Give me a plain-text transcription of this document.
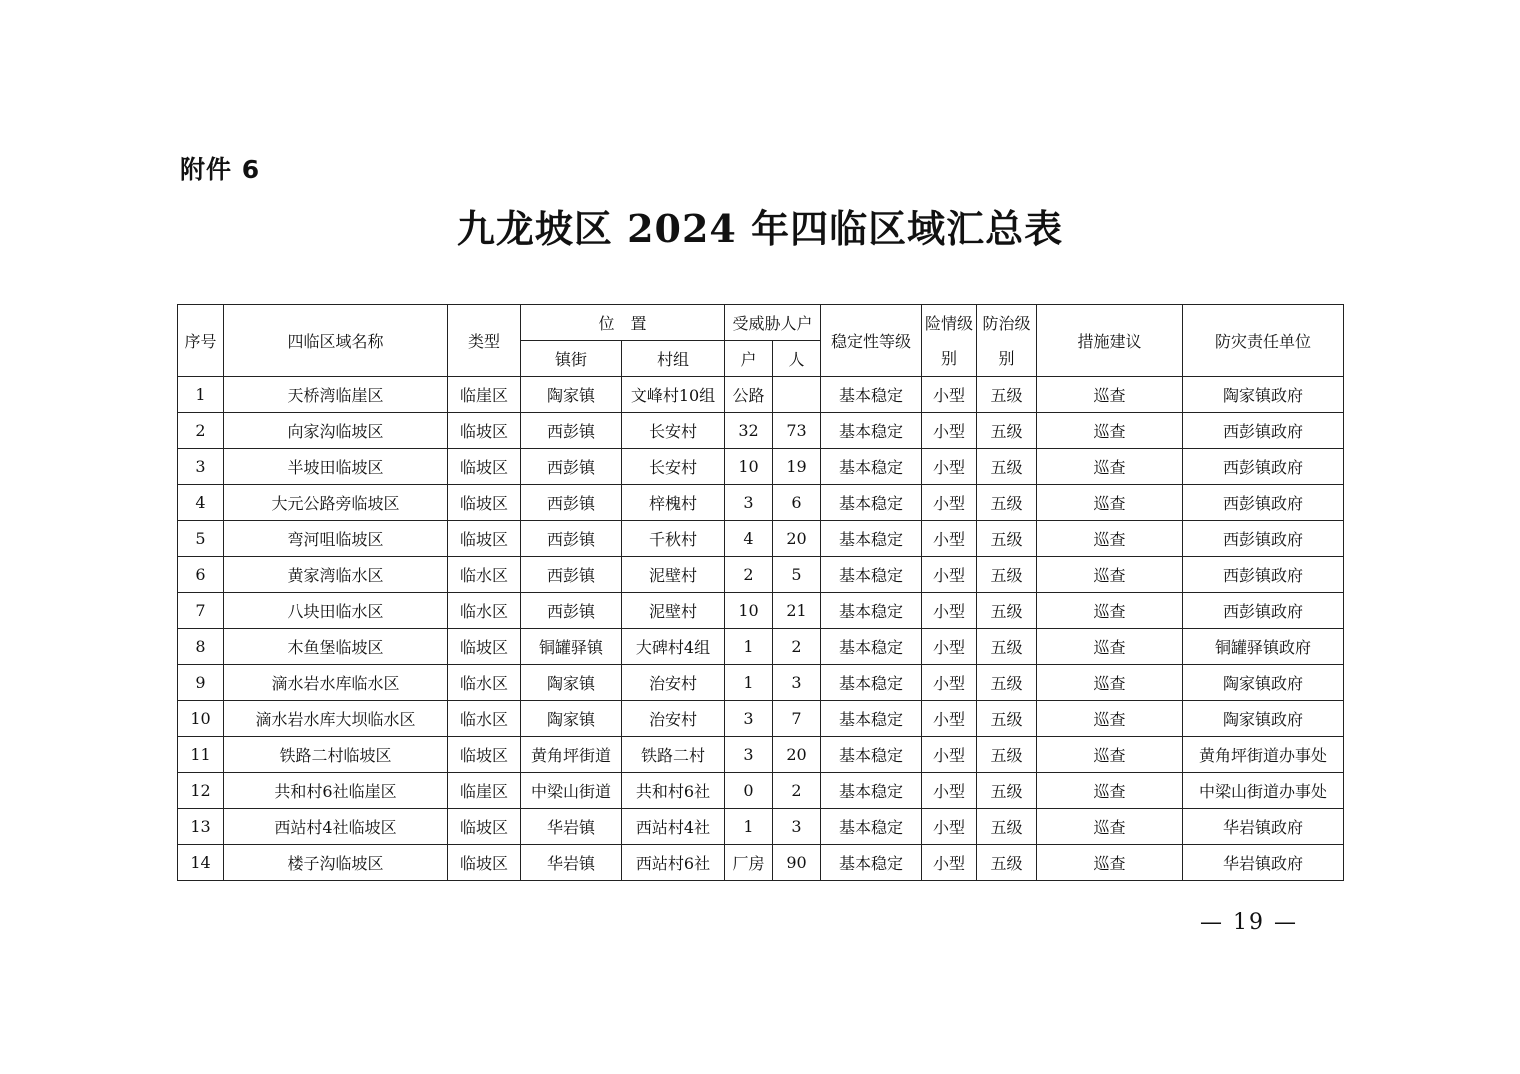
附件 6
九龙坡区 2024 年四临区域汇总表
序号	四临区域名称	类型	位　置		受威胁人户		稳定性等级	险情级别	防治级别	措施建议	防灾责任单位
			镇街	村组	户	人					
1	天桥湾临崖区	临崖区	陶家镇	文峰村10组	公路		基本稳定	小型	五级	巡查	陶家镇政府
2	向家沟临坡区	临坡区	西彭镇	长安村	32	73	基本稳定	小型	五级	巡查	西彭镇政府
3	半坡田临坡区	临坡区	西彭镇	长安村	10	19	基本稳定	小型	五级	巡查	西彭镇政府
4	大元公路旁临坡区	临坡区	西彭镇	梓槐村	3	6	基本稳定	小型	五级	巡查	西彭镇政府
5	弯河咀临坡区	临坡区	西彭镇	千秋村	4	20	基本稳定	小型	五级	巡查	西彭镇政府
6	黄家湾临水区	临水区	西彭镇	泥壁村	2	5	基本稳定	小型	五级	巡查	西彭镇政府
7	八块田临水区	临水区	西彭镇	泥壁村	10	21	基本稳定	小型	五级	巡查	西彭镇政府
8	木鱼堡临坡区	临坡区	铜罐驿镇	大碑村4组	1	2	基本稳定	小型	五级	巡查	铜罐驿镇政府
9	滴水岩水库临水区	临水区	陶家镇	治安村	1	3	基本稳定	小型	五级	巡查	陶家镇政府
10	滴水岩水库大坝临水区	临水区	陶家镇	治安村	3	7	基本稳定	小型	五级	巡查	陶家镇政府
11	铁路二村临坡区	临坡区	黄角坪街道	铁路二村	3	20	基本稳定	小型	五级	巡查	黄角坪街道办事处
12	共和村6社临崖区	临崖区	中梁山街道	共和村6社	0	2	基本稳定	小型	五级	巡查	中梁山街道办事处
13	西站村4社临坡区	临坡区	华岩镇	西站村4社	1	3	基本稳定	小型	五级	巡查	华岩镇政府
14	楼子沟临坡区	临坡区	华岩镇	西站村6社	厂房	90	基本稳定	小型	五级	巡查	华岩镇政府
— 19 —
